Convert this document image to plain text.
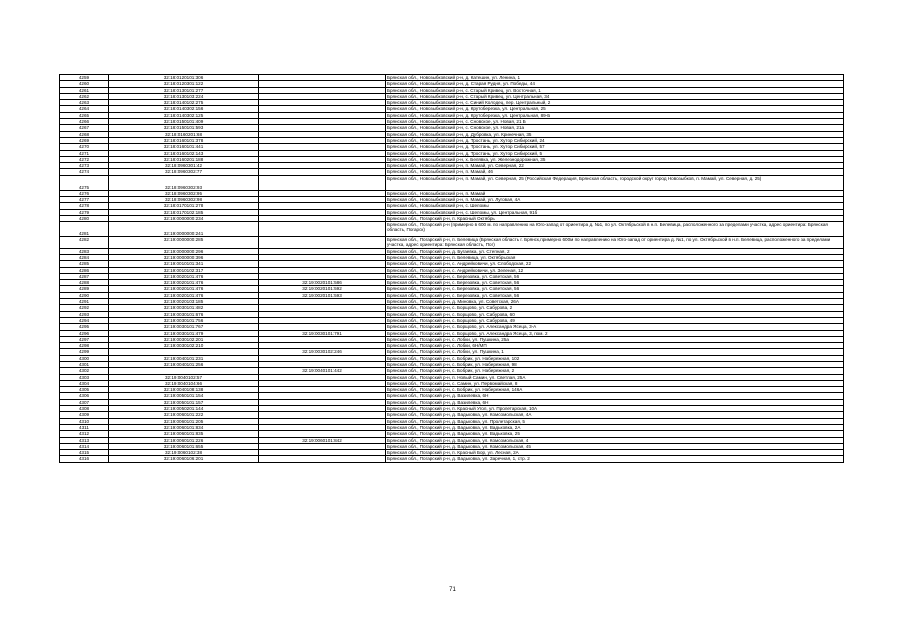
4259	32:18:0120101:306		Брянская обл., Новозыбковский р-н, д. Катешин, ул. Ленина, 1
4260	32:18:0120301:122		Брянская обл., Новозыбковский р-н, д. Старая Рудня, ул. Победы, 44
4261	32:18:0130101:277		Брянская обл., Новозыбковский р-н, с. Старый Кривец, ул. Восточная, 1
4262	32:18:0130103:224		Брянская обл., Новозыбковский р-н, с. Старый Кривец, ул. Центральная, 34
4263	32:18:0140102:275		Брянская обл., Новозыбковский р-н, с. Синий Колодец, пер. Центральный, 2
4264	32:18:0140302:156		Брянская обл., Новозыбковский р-н, д. Крутоберезка, ул. Центральная, 25
4265	32:18:0140302:125		Брянская обл., Новозыбковский р-н, д. Крутоберезка, ул. Центральная, 89-Б
4266	32:18:0150101:409		Брянская обл., Новозыбковский р-н, с. Сновское, ул. Новая, 21 Б
4267	32:18:0150101:593		Брянская обл., Новозыбковский р-н, с. Сновское, ул. Новая, 21а
4268	32:18:0160201:68		Брянская обл., Новозыбковский р-н, д. Дубровка, ул. Кринечная, 35
4269	32:18:0160101:378		Брянская обл., Новозыбковский р-н, д. Тростань, ул. Хутор Сибирский, 24
4270	32:18:0160101:441		Брянская обл., Новозыбковский р-н, д. Тростань, ул. Хутор Сибирский, 57
4271	32:18:0160102:143		Брянская обл., Новозыбковский р-н, д. Тростань, ул. Хутор Сибирский, 5
4272	32:18:0160201:188		Брянская обл., Новозыбковский р-н, х. Белявка, ул. Железнодорожная, 35
4273	32:18:0960301:42		Брянская обл., Новозыбковский р-н, п. Мамай, ул. Северная, 22
4274	32:18:0960302:77		Брянская обл., Новозыбковский р-н, п. Мамай, 46
4275	32:18:0960302:93		Брянская обл., Новозыбковский р-н, п. Мамай, ул. Северная, 25 (Российская Федерация, Брянская область, городской округ город Новозыбков, п. Мамай, ул. Северная, д. 25)
4276	32:18:0960302:95		Брянская обл., Новозыбковский р-н, п. Мамай
4277	32:18:0960302:98		Брянская обл., Новозыбковский р-н, п. Мамай, ул. Луговая, 4А
4278	32:18:0170101:278		Брянская обл., Новозыбковский р-н, с. Шеломы
4279	32:18:0170102:185		Брянская обл., Новозыбковский р-н, с. Шеломы, ул. Центральная, 91б
4280	32:19:0000000:234		Брянская обл., Погарский р-н, п. Красный Октябрь
4281	32:19:0000000:241		Брянская обл., Погарский р-н (примерно в 600 м. по направлению на Юго-запад от ориентира д. №1, по ул. Октябрьской в н.п. Белевица, расположенного за пределами участка, адрес ориентира: Брянская область, Погарск)
4282	32:19:0000000:285		Брянская обл., Погарский р-н, п. Белевица (Брянская область г. Брянск,примерно 600м по направлению на Юго-запад от ориентира д. №1, по ул. Октябрьской в н.п. Белевица, расположенного за пределами участка, адрес ориентира: Брянская область, Пог)
4283	32:19:0000000:296		Брянская обл., Погарский р-н, д. Бугаевка, ул. Степная, 2
4284	32:19:0000000:396		Брянская обл., Погарский р-н, п. Белевица, ул. Октябрьская
4285	32:19:0010101:341		Брянская обл., Погарский р-н, с. Андрейковичи, ул. Слободская, 22
4286	32:19:0010102:317		Брянская обл., Погарский р-н, с. Андрейковичи, ул. Зеленая, 12
4287	32:19:0020101:476		Брянская обл., Погарский р-н, с. Березовка, ул. Советская, 56
4288	32:19:0020101:476	32:19:0020101:586	Брянская обл., Погарский р-н, с. Березовка, ул. Советская, 56
4289	32:19:0020101:476	32:19:0020101:592	Брянская обл., Погарский р-н, с. Березовка, ул. Советская, 56
4290	32:19:0020101:476	32:19:0020101:593	Брянская обл., Погарский р-н, с. Березовка, ул. Советская, 56
4291	32:19:0020103:185		Брянская обл., Погарский р-н, д. Миновка, ул. Советская, 26А
4292	32:19:0030101:482		Брянская обл., Погарский р-н, с. Борщово, ул. Сабурова, 2
4293	32:19:0030101:676		Брянская обл., Погарский р-н, с. Борщово, ул. Сабурова, 60
4294	32:19:0030101:756		Брянская обл., Погарский р-н, с. Борщово, ул. Сабурова, 49
4295	32:19:0030101:767		Брянская обл., Погарский р-н, с. Борщово, ул. Александра Ясеца, 3-А
4296	32:19:0030101:479	32:19:0030101:791	Брянская обл., Погарский р-н, с. Борщово, ул. Александра Ясеца, 3, пом. 2
4297	32:19:0030102:201		Брянская обл., Погарский р-н, с. Лобки, ул. Пушкина, 25а
4298	32:19:0030102:210		Брянская обл., Погарский р-н, с. Лобки, 6Н/МП
4299		32:19:0030102:246	Брянская обл., Погарский р-н, с. Лобки, ул. Пушкина, 1
4300	32:19:0040101:231		Брянская обл., Погарский р-н, с. Бобрик, ул. Набережная, 102
4301	32:19:0040101:256		Брянская обл., Погарский р-н, с. Бобрик, ул. Набережная, 98
4302		32:19:0040101:442	Брянская обл., Погарский р-н, с. Бобрик, ул. Набережная, 2
4303	32:19:0040102:57		Брянская обл., Погарский р-н, п. Новый Самин, ул. Светлая, 25А
4304	32:19:0040104:66		Брянская обл., Погарский р-н, с. Самин, ул. Первомайская, 8
4305	32:19:0040108:138		Брянская обл., Погарский р-н, с. Бобрик, ул. Набережная, 146А
4306	32:19:0050101:154		Брянская обл., Погарский р-н, д. Вазилевка, 6Н
4307	32:19:0050101:157		Брянская обл., Погарский р-н, д. Вазилевка, 6Н
4308	32:19:0050201:144		Брянская обл., Погарский р-н, п. Красный Угол, ул. Пролетарская, 10А
4309	32:19:0060101:222		Брянская обл., Погарский р-н, д. Вадьковка, ул. Комсомольская, 4А
4310	32:19:0060101:205		Брянская обл., Погарский р-н, д. Вадьковка, ул. Пролетарская, 5
4311	32:19:0060101:834		Брянская обл., Погарский р-н, д. Вадьковка, ул. Вадьковка, 2А
4312	32:19:0060101:835		Брянская обл., Погарский р-н, д. Вадьковка, ул. Вадьковка, 25
4313	32:19:0060101:226	32:19:0060101:842	Брянская обл., Погарский р-н, д. Вадьковка, ул. Комсомольская, 4
4314	32:19:0060101:655		Брянская обл., Погарский р-н, д. Вадьковка, ул. Комсомольская, 45
4315	32:19:0060102:38		Брянская обл., Погарский р-н, п. Красный Бор, ул. Лесная, 2А
4316	32:19:0060106:201		Брянская обл., Погарский р-н, д. Вадьковка, ул. Заречная, 1, стр. 2
71
